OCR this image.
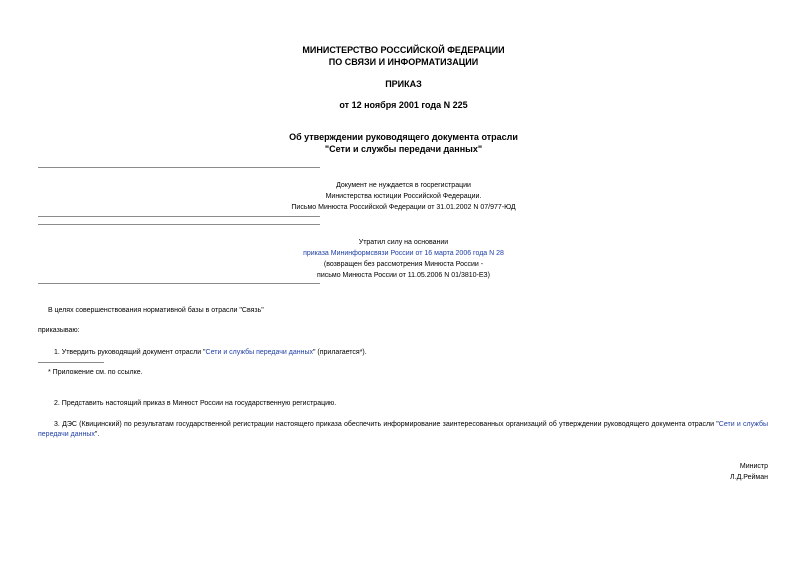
МИНИСТЕРСТВО РОССИЙСКОЙ ФЕДЕРАЦИИ
ПО СВЯЗИ И ИНФОРМАТИЗАЦИИ
ПРИКАЗ
от 12 ноября 2001 года N 225
Об утверждении руководящего документа отрасли
"Сети и службы передачи данных"
Документ не нуждается в госрегистрации
Министерства юстиции Российской Федерации.
Письмо Минюста Российской Федерации от 31.01.2002 N 07/977-ЮД
Утратил силу на основании
приказа Мининформсвязи России от 16 марта 2006 года N 28
(возвращен без рассмотрения Минюста России -
письмо Минюста России от 11.05.2006 N 01/3810-ЕЗ)
В целях совершенствования нормативной базы в отрасли "Связь"
приказываю:
1. Утвердить руководящий документ отрасли "Сети и службы передачи данных" (прилагается*).
* Приложение см. по ссылке.
2. Представить настоящий приказ в Минюст России на государственную регистрацию.
3. ДЭС (Квицинский) по результатам государственной регистрации настоящего приказа обеспечить информирование заинтересованных организаций об утверждении руководящего документа отрасли "Сети и службы передачи данных".
Министр
Л.Д.Рейман
